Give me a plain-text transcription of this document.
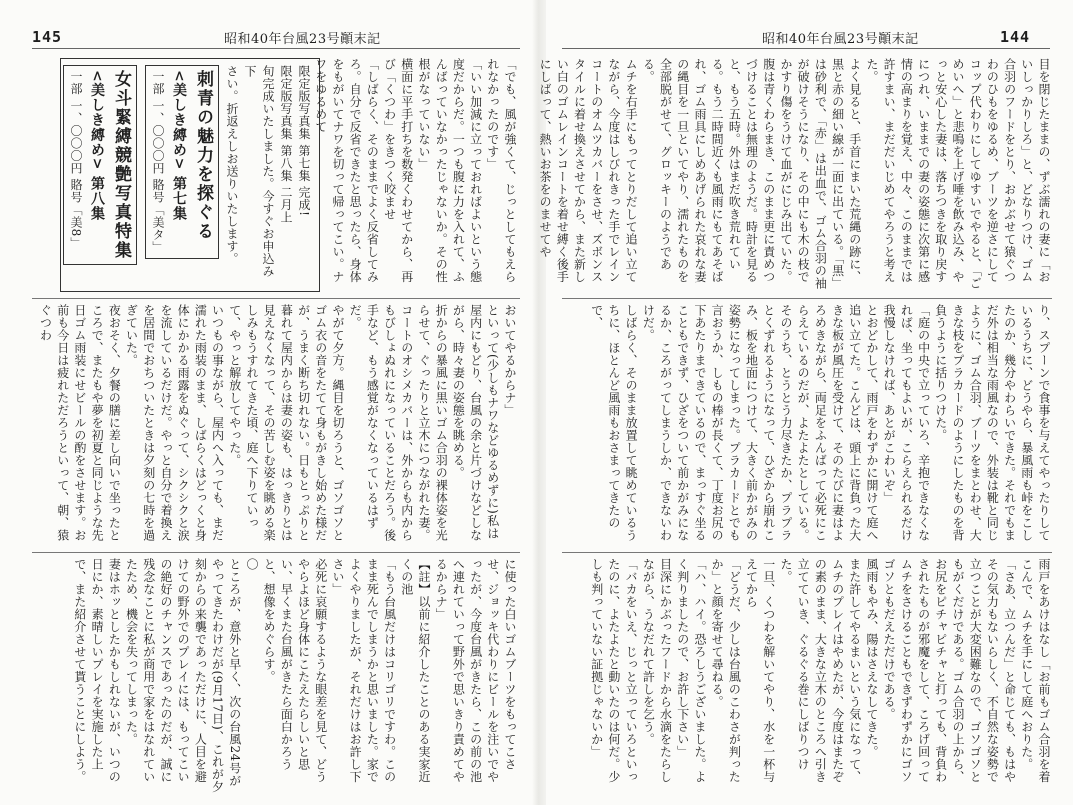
145	昭和40年台風23号顚末記
限定版写真集 第七集 完成!
限定版写真集 第八集 二月上
旬完成いたしました。今すぐお申込み下
さい。折返えしお送りいたします。
刺青の魅力を探ぐる
<美しき縛め> 第七集
一部 一、〇〇〇円 賂号「美タ」

女斗緊縛競艶写真特集
<美しき縛め> 第八集
一部 一、〇〇〇円 賂号「美8」	「でも、風が強くて、じっとしてもえられなかったのです」

「いい加減に立っておればよいという態度だからだ。一つも腹に力を入れて、ふんばっていなかったじゃないか。その性根がなっていない」

横面に平手打ちを数発くわせてから、再び「くつわ」をきつく咬ませ

「しばらく、そのままでよく反省してみろ。自分で反省できたと思ったら、身体をもがいてナワを切って帰ってこい。ナワをゆるめて

おいてやるからナ」

といって(少しもナワなどゆるめずに)私は屋内にもどり、台風の余と片づけなどしながら、時々妻の姿態を眺める。

折からの暴風に黒いゴム合羽の裸体姿を光らせて、ぐったりと立木につながれた妻。コートのオシメカバーは、外からも内からもびしょぬれになっていることだろう。後手など、もう感覚がなくなっているはずだ。

やがて夕方。縄目を切ろうと、ゴソゴソとゴム衣の音をたてて身もがきし始めた様だが、うまく断ち切れない。日もとっぷりと暮れて屋内からは妻の姿も、はっきりとは見えなくなって、その苦しむ姿を眺める楽しみもうすれてきた頃、庭へ下りていって、やっと解放してやった。

いつもの事ながら、屋内へ入っても、まだ濡れた雨装のまま、しばらくはどっくと身体にかかる雨露をぬぐって、シクシクと涙を流しているだけだ。やっと自分で着換えを居間でおちついたときは夕刻の七時を過ぎていた。

夜おそく、夕餐の膳に差し向いで坐ったところで、またもや夢を初夏と同じような先日ゴム雨装にせビールの酌をさせます。お前も今日は疲れただろうといって、朝、猿ぐつわ

に使った白いゴムブーツをもってこさせ、ジョッキ代わりにビールを注いでやったが、今度台風がきたら、この前の池へ連れていって野外で思いきり責めてやるからナ」

【註】以前に紹介したことのある実家近くの池

「もう台風だけはコリゴリですわ。このまま死んでしまうかと思いました。家でよくやりましたが、それだけはお許し下さい」

必死に哀願するような眼差を見て、どうやらよほど身体にこたえたらしいと思い、早くまた台風がきたら面白かろうと、想像をめぐらす。

〇

ところが、意外と早く、次の台風24号がやってきたわけだが(9月17日)、これが夕刻からの来襲であっただけに、人目を避けての野外でのプレイには、もってこいの絶好のチャンスであったのだが、誠に残念なことに私が商用で家をはなれていたため、機会を失ってしまった。

妻はホッとしたかもしれないが、いつの日にか、素晴しいプレイを実施した上で、また紹介させて貰うことにしよう。

昭和40年台風23号顚末記	144

目を閉じたままの、ずぶ濡れの妻に「おいしっかりしろ」と、どなりつけ、ゴム合羽のフードをとり、おかぶせて猿ぐつわのひもをゆるめ、ブーツを逆さにしてコップ代わりにしてゆすいでやると、「ごめいへ」と悲鳴を上げ唾を飲み込み、やっと安心した妻は、落ちつきを取り戻すにつれ、いままでの妻の姿態に次第に感情の高まりを覚え、中々、このままでは許すまい、まだだいじめてやろうと考えた。

よく見ると、手首にまいた荒縄の跡に、黒と赤の細い線が一面に出ている。「黒」は砂利で、「赤」は出血で、ゴム合羽の袖が破けそうになり、その中にも木の枝でかすり傷をうけて血がにじみ出ていた。腹は青くわらまき、このまま更に責めつづけることは無理のようだ。時計を見ると、もう五時。外はまだ吹き荒れている。もう二時間近くも風雨にもてあそばれ、ゴム雨具にしめあげられた哀れな妻の縄目を一旦といてやり、濡れたものを全部脱がせて、グロッキーのようである。

ムチを右手にもってとりだして追い立てながら、今度はしびれきった手でレインコートのオムツカバーをさせ、ズボンスタイルに着せ換えさせてから、また新しい白のゴムレインコートを着せ縛く後手にしばって、熱いお茶をのませてや

り、スプーンで食事を与えてやったりしているうちに、どうやら、暴風雨も峠をこしたのか、幾分やわらいできた。それでもまだ外は相当な雨風なので、外装は靴と同じように、ゴム合羽、ブーツをまとわせ、大きな枝をプラカードのようにしたものを背負うように括りつけた。

「庭の中央で立っていろ、辛抱できなくなれば、坐ってもよいが、こらえられるだけ我慢しなければ、あとがこわいぞ」

とおどかして、雨戸をわずかに開けて庭へ追い立てた。こんどは、頭上に背負った大きな板が風圧を受けて、そのたびに妻はよろめきながら、両足をふんばって必死にこらえているのだが、よたよたとしている。

そのうち、とうとう力尽きたか、プラプラとくずれるようになって、ひざから崩れこみ、板を地面につけて、大きく前かがみの姿勢になってしまった。プラカードとでも言おうか、しもの棒が長くて、丁度お尻の下あたりまできているので、まっすぐ坐ることもできず、ひざをついて前かがみになるか、ころがってしまうしか、できないわけだ。

しばらく、そのまま放置して眺めているうちに、ほとんど風雨もおさまってきたので、

雨戸をあけはなし「お前もゴム合羽を着こんで、ムチを手にして庭へおりた。

「さあ、立つんだ」と命じても、もはやその気力もないらしく、不自然な姿勢で立つことが大変困難なので、ゴソゴソともがくだけである。ゴム合羽の上から、お尻をピチャピチャと打っても、背負わされたものが邪魔をして、ころげ回ってムチをさけることもできずわずかにゴソゴソともだえただけである。

風雨もやみ、陽はさえなしてきた。

また許してやるまいという気になって、ムチのプレイはやめたが、今度はまたぞの素のまま、大きな立木のところへ引き立てていき、ぐるぐる巻にしばりつけた。

一旦、くつわを解いてやり、水を一杯与えてから

「どうだ、少しは台風のこわさが判ったか」と顔を寄せて尋ねる。

「ハ、ハイ。恐ろしうございました。よく判りましたので、お許し下さい」

目深にかぶったフードから水滴をたらしながら、うなだれて許しを乞う。

「バカをいえ、じっと立っていろといったのに、よたよたと動いたのは何だ。少しも判っていない証拠じゃないか」
